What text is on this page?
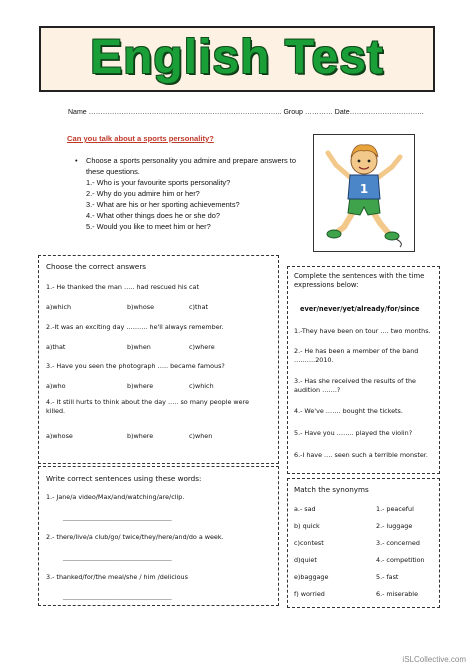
English Test
Name ……………………………………………………………………….. Group ………… Date…………………………..
Can you talk about a sports personality?
• Choose a sports personality you admire and prepare answers to these questions.
1.- Who is your favourite sports personality?
2.- Why do you admire him or her?
3.- What are his or her sporting achievements?
4.- What other things does he or she do?
5.- Would you like to meet him or her?
1
Choose the correct answers
1.- He thanked the man ….. had rescued his cat
a)which	b)whose	c)that
2.-It was an exciting day ………. he'll always remember.
a)that	b)when	c)where
3.- Have you seen the photograph ….. became famous?
a)who	b)where	c)which
4.- It still hurts to think about the day ….. so many people were killed.
a)whose	b)where	c)when
Complete the sentences with the time expressions below:
ever/never/yet/already/for/since
1.-They have been on tour …. two months.
2.- He has been a member of the band ……….2010.
3.- Has she received the results of the audition …….?
4.- We've ……. bought the tickets.
5.- Have you …….. played the violin?
6.-I have …. seen such a terrible monster.
Write correct sentences using these words:
1.- Jane/a video/Max/and/watching/are/clip.
__________________________________
2.- there/live/a club/go/ twice/they/here/and/do a week.
__________________________________
3.- thanked/for/the meal/she / him /delicious
__________________________________
Match the synonyms
a.- sad	1.- peaceful
b) quick	2.- luggage
c)contest	3.- concerned
d)quiet	4.- competition
e)baggage	5.- fast
f) worried	6.- miserable
iSLCollective.com
